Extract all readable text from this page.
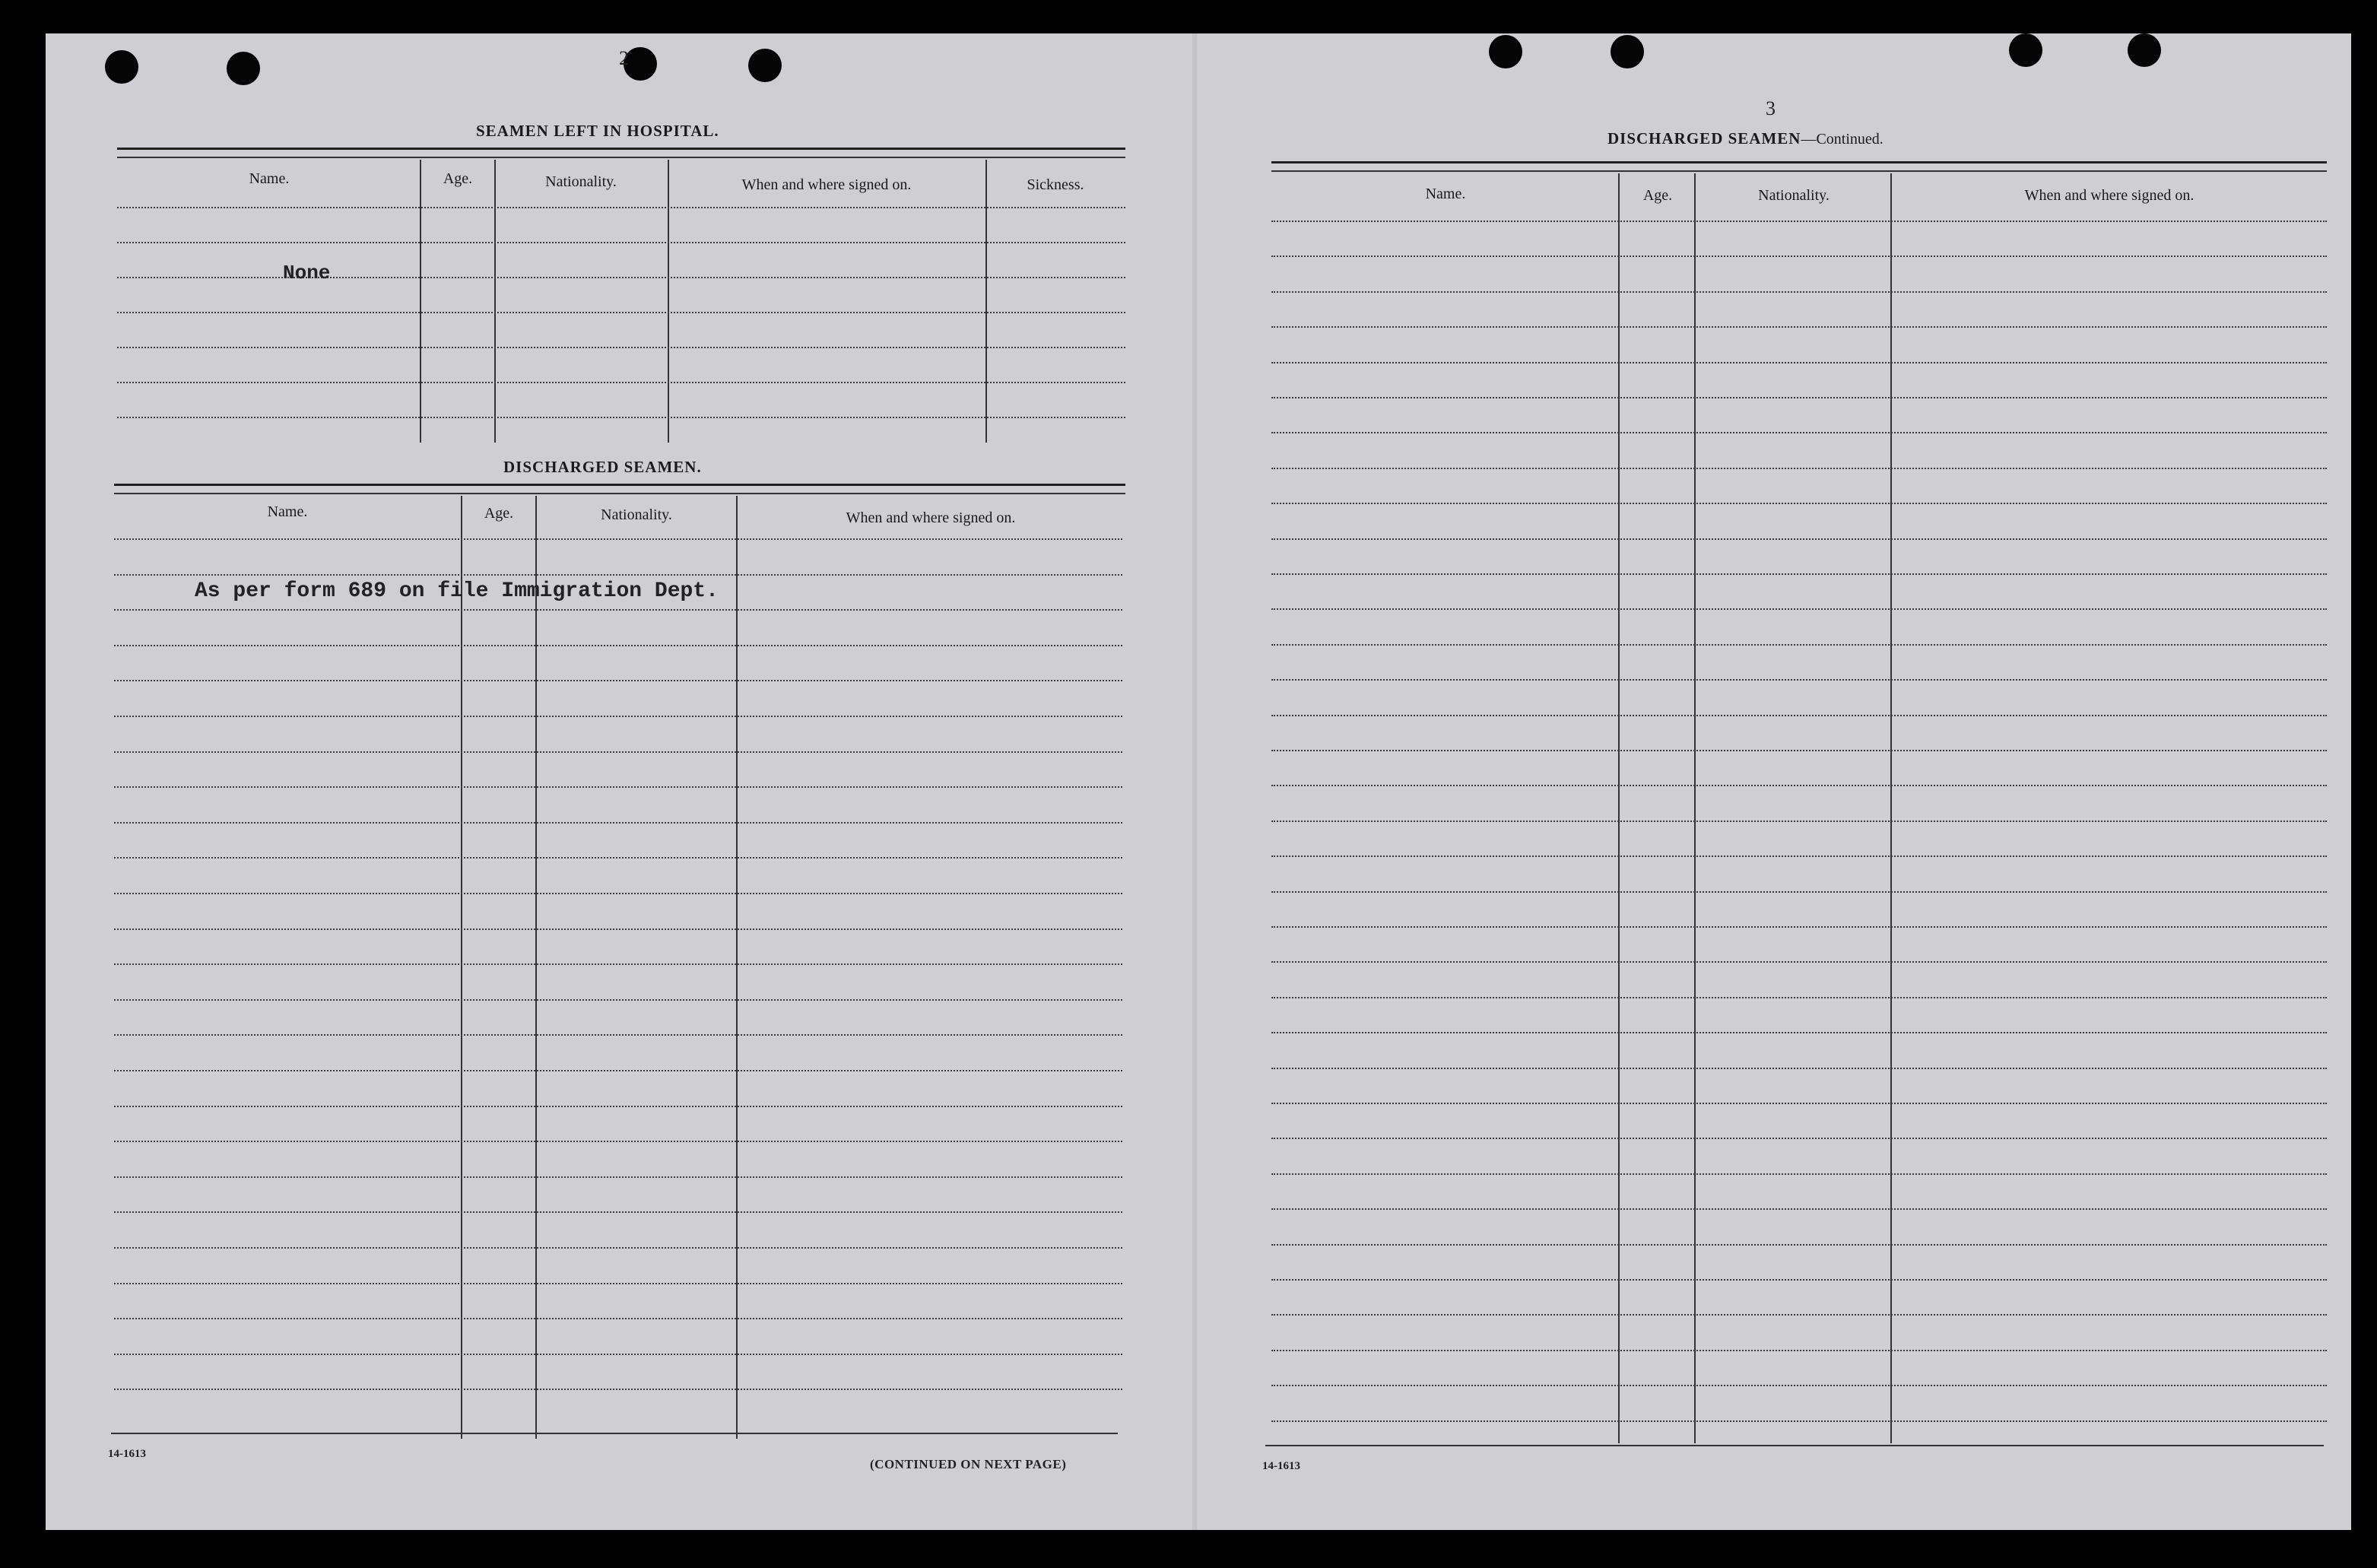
2
SEAMEN LEFT IN HOSPITAL.
Name.	Age.	Nationality.	When and where signed on.	Sickness.
None
DISCHARGED SEAMEN.
Name.	Age.	Nationality.	When and where signed on.
As per form 689 on file Immigration Dept.
14-1613
(CONTINUED ON NEXT PAGE)
3
DISCHARGED SEAMEN—Continued.
Name.	Age.	Nationality.	When and where signed on.
14-1613
